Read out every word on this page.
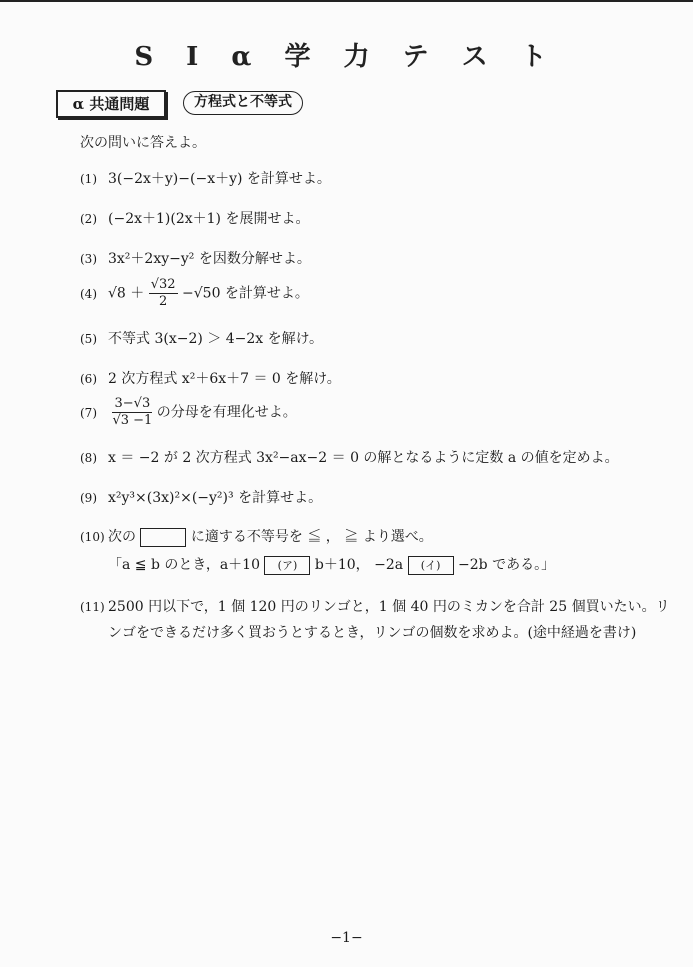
S I α 学 力 テ ス ト
α 共通問題	方程式と不等式
次の問いに答えよ。
(1) 3(−2x＋y)−(−x＋y) を計算せよ。
(2) (−2x＋1)(2x＋1) を展開せよ。
(3) 3x²＋2xy−y² を因数分解せよ。
(4) $√8 + \frac{√32}{2} -√50$ を計算せよ。
(5) 不等式 3(x−2) ＞ 4−2x を解け。
(6) 2 次方程式 x²＋6x＋7 ＝ 0 を解け。
$(7) \frac{3-√3}{√3 -1}$ の分母を有理化せよ。
(8) x ＝ −2 が 2 次方程式 3x²−ax−2 ＝ 0 の解となるように定数 a の値を定めよ。
(9) x²y³×(3x)²×(−y²)³ を計算せよ。
(10) 次の	に適する不等号を ≦ ， ≧ より選べ。
「a ≦ b のとき，a＋10 (ア) b＋10， −2a (イ) −2b である。」
(11) 2500 円以下で，1 個 120 円のリンゴと，1 個 40 円のミカンを合計 25 個買いたい。リ
ンゴをできるだけ多く買おうとするとき，リンゴの個数を求めよ。(途中経過を書け)
−1−
